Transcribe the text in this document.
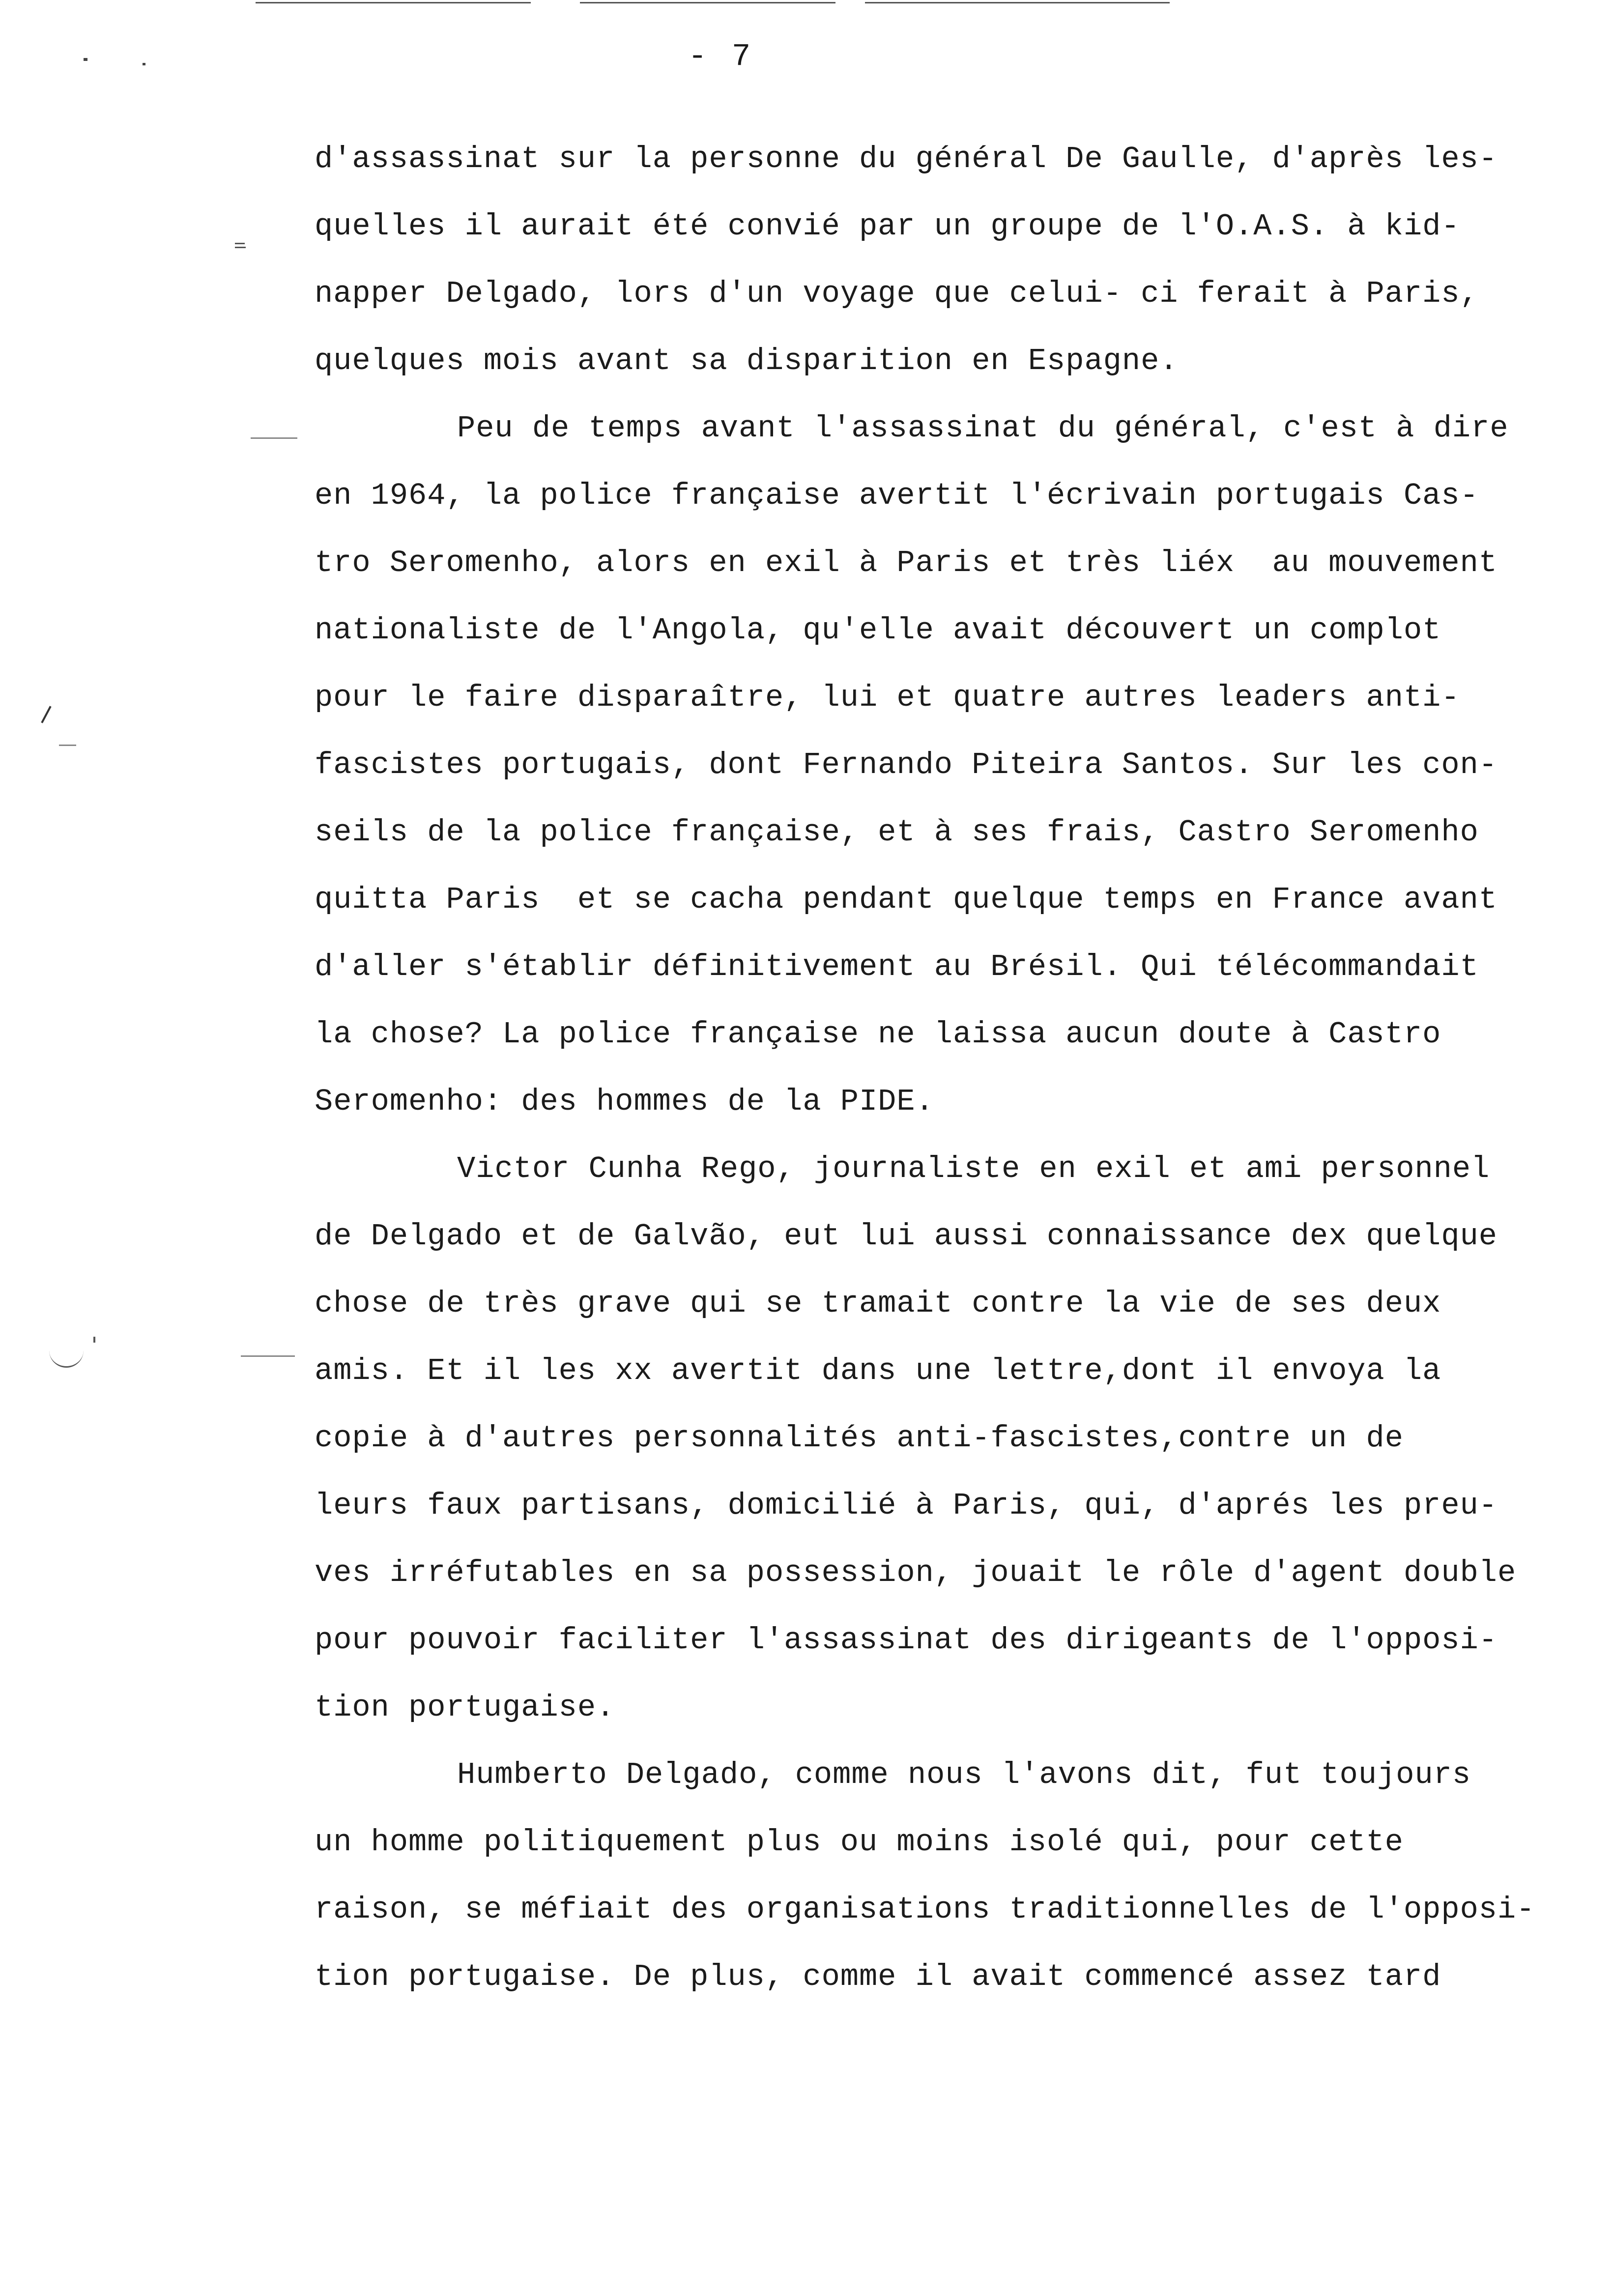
- 7
d'assassinat sur la personne du général De Gaulle, d'après les-
quelles il aurait été convié par un groupe de l'O.A.S. à kid-
napper Delgado, lors d'un voyage que celui- ci ferait à Paris,
quelques mois avant sa disparition en Espagne.
Peu de temps avant l'assassinat du général, c'est à dire
en 1964, la police française avertit l'écrivain portugais Cas-
tro Seromenho, alors en exil à Paris et très liéx  au mouvement
nationaliste de l'Angola, qu'elle avait découvert un complot
pour le faire disparaître, lui et quatre autres leaders anti-
fascistes portugais, dont Fernando Piteira Santos. Sur les con-
seils de la police française, et à ses frais, Castro Seromenho
quitta Paris  et se cacha pendant quelque temps en France avant
d'aller s'établir définitivement au Brésil. Qui télécommandait
la chose? La police française ne laissa aucun doute à Castro
Seromenho: des hommes de la PIDE.
Victor Cunha Rego, journaliste en exil et ami personnel
de Delgado et de Galvão, eut lui aussi connaissance dex quelque
chose de très grave qui se tramait contre la vie de ses deux
amis. Et il les xx avertit dans une lettre,dont il envoya la
copie à d'autres personnalités anti-fascistes,contre un de
leurs faux partisans, domicilié à Paris, qui, d'aprés les preu-
ves irréfutables en sa possession, jouait le rôle d'agent double
pour pouvoir faciliter l'assassinat des dirigeants de l'opposi-
tion portugaise.
Humberto Delgado, comme nous l'avons dit, fut toujours
un homme politiquement plus ou moins isolé qui, pour cette
raison, se méfiait des organisations traditionnelles de l'opposi-
tion portugaise. De plus, comme il avait commencé assez tard
